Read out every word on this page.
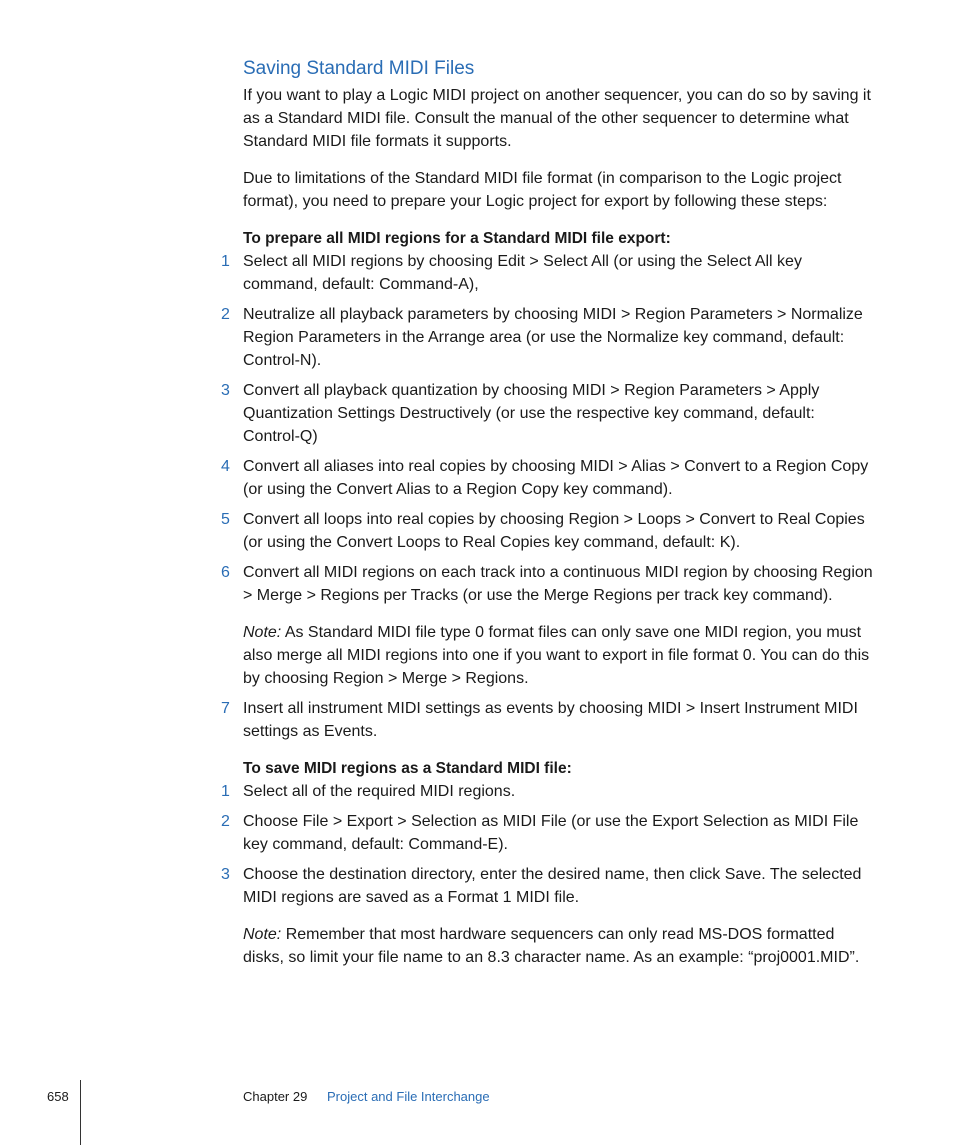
Saving Standard MIDI Files

If you want to play a Logic MIDI project on another sequencer, you can do so by saving it as a Standard MIDI file. Consult the manual of the other sequencer to determine what Standard MIDI file formats it supports.

Due to limitations of the Standard MIDI file format (in comparison to the Logic project format), you need to prepare your Logic project for export by following these steps:

To prepare all MIDI regions for a Standard MIDI file export:

1 Select all MIDI regions by choosing Edit > Select All (or using the Select All key command, default: Command-A),
2 Neutralize all playback parameters by choosing MIDI > Region Parameters > Normalize Region Parameters in the Arrange area (or use the Normalize key command, default: Control-N).
3 Convert all playback quantization by choosing MIDI > Region Parameters > Apply Quantization Settings Destructively (or use the respective key command, default: Control-Q)
4 Convert all aliases into real copies by choosing MIDI > Alias > Convert to a Region Copy (or using the Convert Alias to a Region Copy key command).
5 Convert all loops into real copies by choosing Region > Loops > Convert to Real Copies (or using the Convert Loops to Real Copies key command, default: K).
6 Convert all MIDI regions on each track into a continuous MIDI region by choosing Region > Merge > Regions per Tracks (or use the Merge Regions per track key command).

Note: As Standard MIDI file type 0 format files can only save one MIDI region, you must also merge all MIDI regions into one if you want to export in file format 0. You can do this by choosing Region > Merge > Regions.

7 Insert all instrument MIDI settings as events by choosing MIDI > Insert Instrument MIDI settings as Events.

To save MIDI regions as a Standard MIDI file:

1 Select all of the required MIDI regions.
2 Choose File > Export > Selection as MIDI File (or use the Export Selection as MIDI File key command, default: Command-E).
3 Choose the destination directory, enter the desired name, then click Save. The selected MIDI regions are saved as a Format 1 MIDI file.

Note: Remember that most hardware sequencers can only read MS-DOS formatted disks, so limit your file name to an 8.3 character name. As an example: “proj0001.MID”.

658	Chapter 29 Project and File Interchange
